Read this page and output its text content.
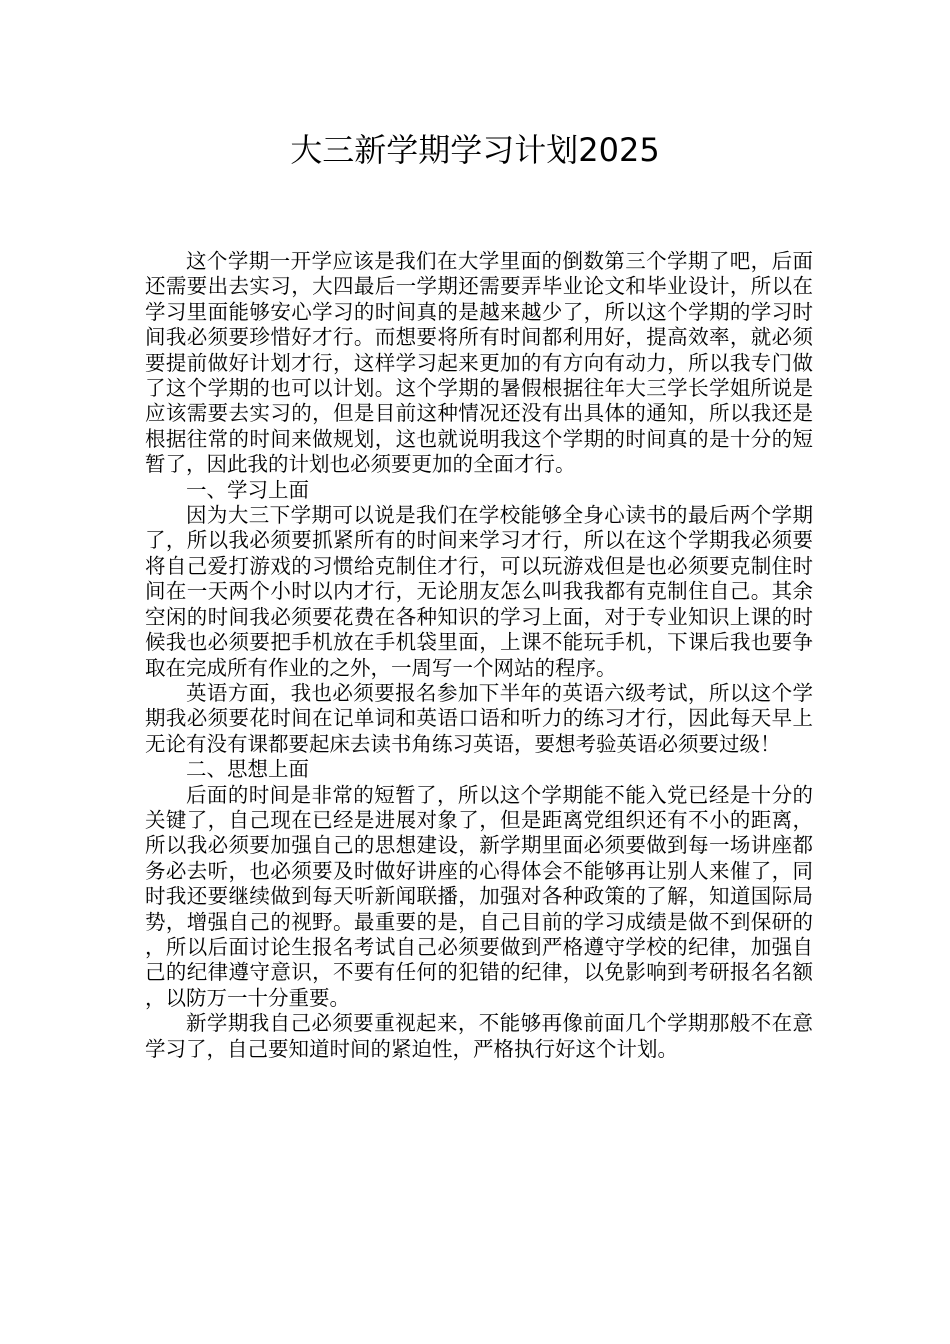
大三新学期学习计划2025

这个学期一开学应该是我们在大学里面的倒数第三个学期了吧，后面还需要出去实习，大四最后一学期还需要弄毕业论文和毕业设计，所以在学习里面能够安心学习的时间真的是越来越少了，所以这个学期的学习时间我必须要珍惜好才行。而想要将所有时间都利用好，提高效率，就必须要提前做好计划才行，这样学习起来更加的有方向有动力，所以我专门做了这个学期的也可以计划。这个学期的暑假根据往年大三学长学姐所说是应该需要去实习的，但是目前这种情况还没有出具体的通知，所以我还是根据往常的时间来做规划，这也就说明我这个学期的时间真的是十分的短暂了，因此我的计划也必须要更加的全面才行。

一、学习上面

因为大三下学期可以说是我们在学校能够全身心读书的最后两个学期了，所以我必须要抓紧所有的时间来学习才行，所以在这个学期我必须要将自己爱打游戏的习惯给克制住才行，可以玩游戏但是也必须要克制住时间在一天两个小时以内才行，无论朋友怎么叫我我都有克制住自己。其余空闲的时间我必须要花费在各种知识的学习上面，对于专业知识上课的时候我也必须要把手机放在手机袋里面，上课不能玩手机，下课后我也要争取在完成所有作业的之外，一周写一个网站的程序。

英语方面，我也必须要报名参加下半年的英语六级考试，所以这个学期我必须要花时间在记单词和英语口语和听力的练习才行，因此每天早上无论有没有课都要起床去读书角练习英语，要想考验英语必须要过级！

二、思想上面

后面的时间是非常的短暂了，所以这个学期能不能入党已经是十分的关键了，自己现在已经是进展对象了，但是距离党组织还有不小的距离，所以我必须要加强自己的思想建设，新学期里面必须要做到每一场讲座都务必去听，也必须要及时做好讲座的心得体会不能够再让别人来催了，同时我还要继续做到每天听新闻联播，加强对各种政策的了解，知道国际局势，增强自己的视野。最重要的是，自己目前的学习成绩是做不到保研的，所以后面讨论生报名考试自己必须要做到严格遵守学校的纪律，加强自己的纪律遵守意识，不要有任何的犯错的纪律，以免影响到考研报名名额，以防万一十分重要。

新学期我自己必须要重视起来，不能够再像前面几个学期那般不在意学习了，自己要知道时间的紧迫性，严格执行好这个计划。
